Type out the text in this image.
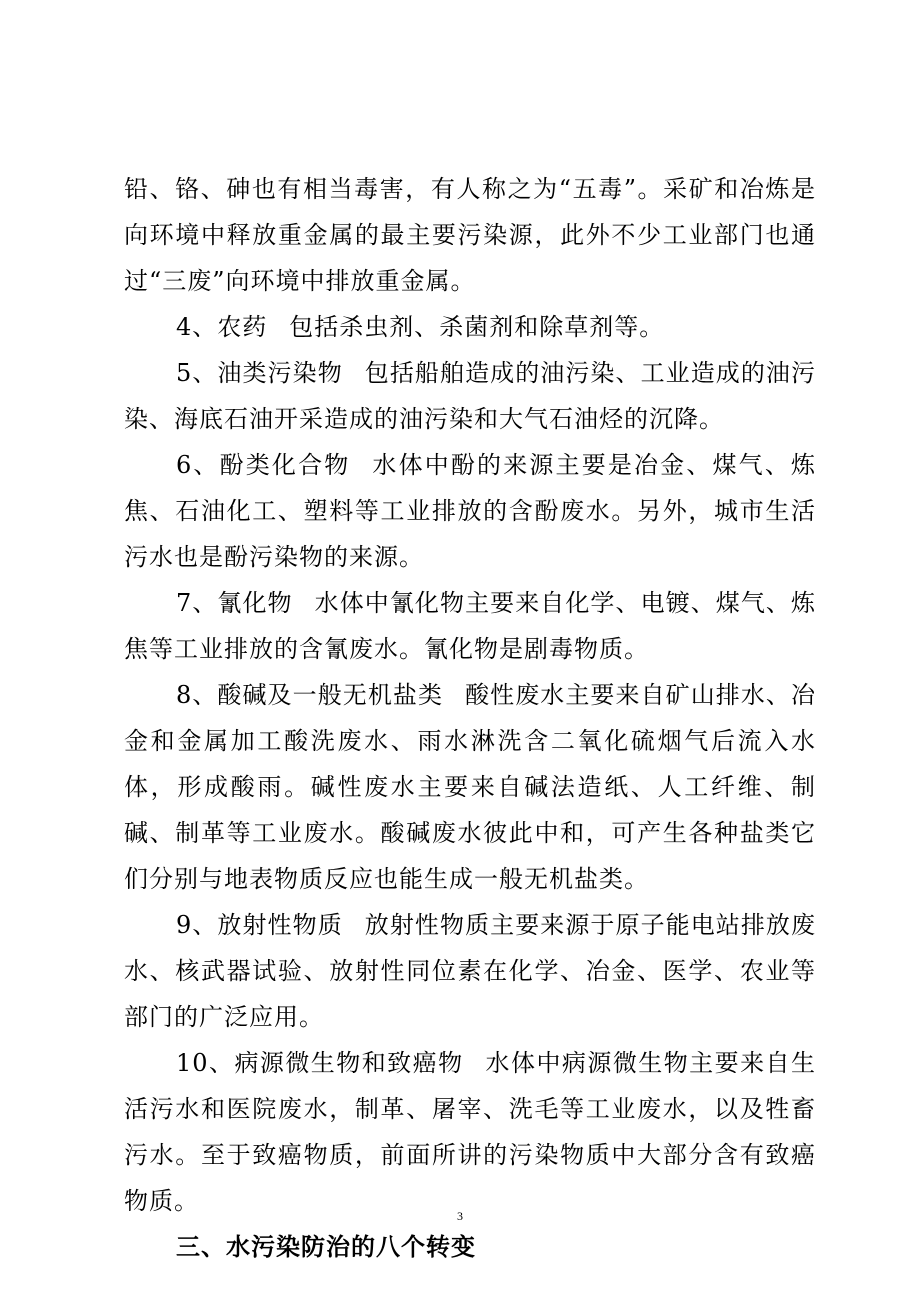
铅、铬、砷也有相当毒害，有人称之为“五毒”。采矿和冶炼是向环境中释放重金属的最主要污染源，此外不少工业部门也通过“三废”向环境中排放重金属。

4、农药 包括杀虫剂、杀菌剂和除草剂等。

5、油类污染物 包括船舶造成的油污染、工业造成的油污染、海底石油开采造成的油污染和大气石油烃的沉降。

6、酚类化合物 水体中酚的来源主要是冶金、煤气、炼焦、石油化工、塑料等工业排放的含酚废水。另外，城市生活污水也是酚污染物的来源。

7、氰化物 水体中氰化物主要来自化学、电镀、煤气、炼焦等工业排放的含氰废水。氰化物是剧毒物质。

8、酸碱及一般无机盐类 酸性废水主要来自矿山排水、冶金和金属加工酸洗废水、雨水淋洗含二氧化硫烟气后流入水体，形成酸雨。碱性废水主要来自碱法造纸、人工纤维、制碱、制革等工业废水。酸碱废水彼此中和，可产生各种盐类它们分别与地表物质反应也能生成一般无机盐类。

9、放射性物质 放射性物质主要来源于原子能电站排放废水、核武器试验、放射性同位素在化学、冶金、医学、农业等部门的广泛应用。

10、病源微生物和致癌物 水体中病源微生物主要来自生活污水和医院废水，制革、屠宰、洗毛等工业废水，以及牲畜污水。至于致癌物质，前面所讲的污染物质中大部分含有致癌物质。

三、水污染防治的八个转变
3
